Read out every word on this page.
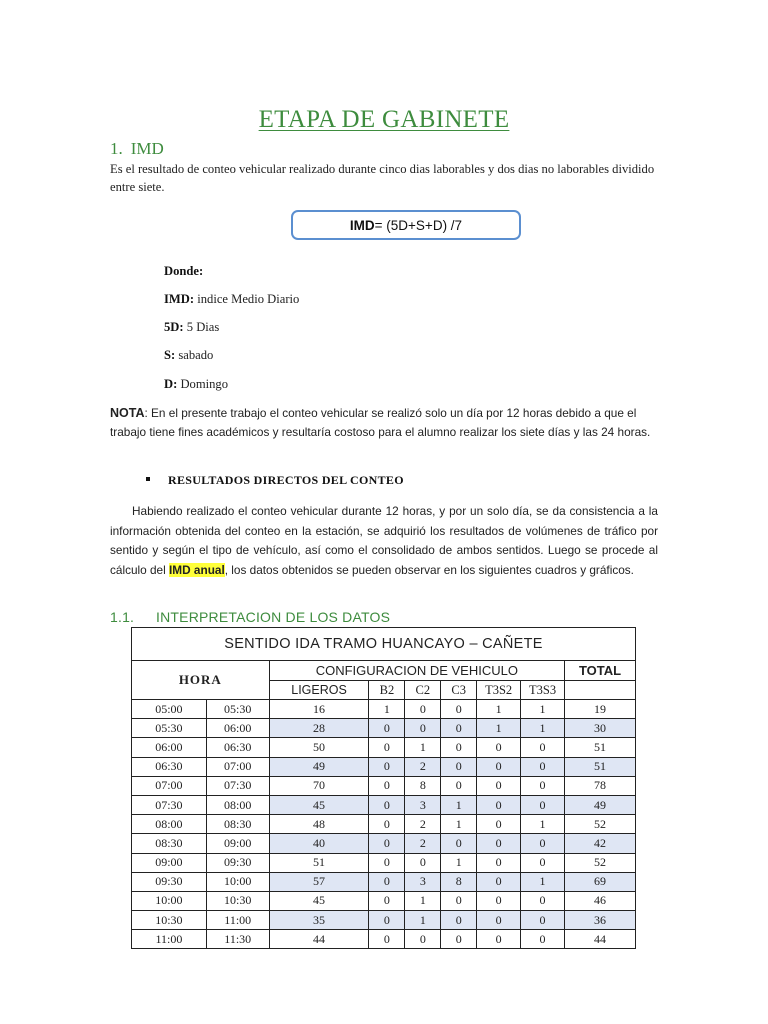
ETAPA DE GABINETE
1. IMD
Es el resultado de conteo vehicular realizado durante cinco dias laborables y dos dias no laborables dividido entre siete.
IMD = (5D+S+D) /7
Donde:
IMD: indice Medio Diario
5D: 5 Dias
S: sabado
D: Domingo
NOTA: En el presente trabajo el conteo vehicular se realizó solo un día por 12 horas debido a que el trabajo tiene fines académicos y resultaría costoso para el alumno realizar los siete días y las 24 horas.
RESULTADOS DIRECTOS DEL CONTEO
Habiendo realizado el conteo vehicular durante 12 horas, y por un solo día, se da consistencia a la información obtenida del conteo en la estación, se adquirió los resultados de volúmenes de tráfico por sentido y según el tipo de vehículo, así como el consolidado de ambos sentidos. Luego se procede al cálculo del IMD anual, los datos obtenidos se pueden observar en los siguientes cuadros y gráficos.
1.1. INTERPRETACION DE LOS DATOS
SENTIDO IDA TRAMO HUANCAYO – CAÑETE								
HORA		CONFIGURACION DE VEHICULO						TOTAL
		LIGEROS	B2	C2	C3	T3S2	T3S3	
05:00	05:30	16	1	0	0	1	1	19
05:30	06:00	28	0	0	0	1	1	30
06:00	06:30	50	0	1	0	0	0	51
06:30	07:00	49	0	2	0	0	0	51
07:00	07:30	70	0	8	0	0	0	78
07:30	08:00	45	0	3	1	0	0	49
08:00	08:30	48	0	2	1	0	1	52
08:30	09:00	40	0	2	0	0	0	42
09:00	09:30	51	0	0	1	0	0	52
09:30	10:00	57	0	3	8	0	1	69
10:00	10:30	45	0	1	0	0	0	46
10:30	11:00	35	0	1	0	0	0	36
11:00	11:30	44	0	0	0	0	0	44
